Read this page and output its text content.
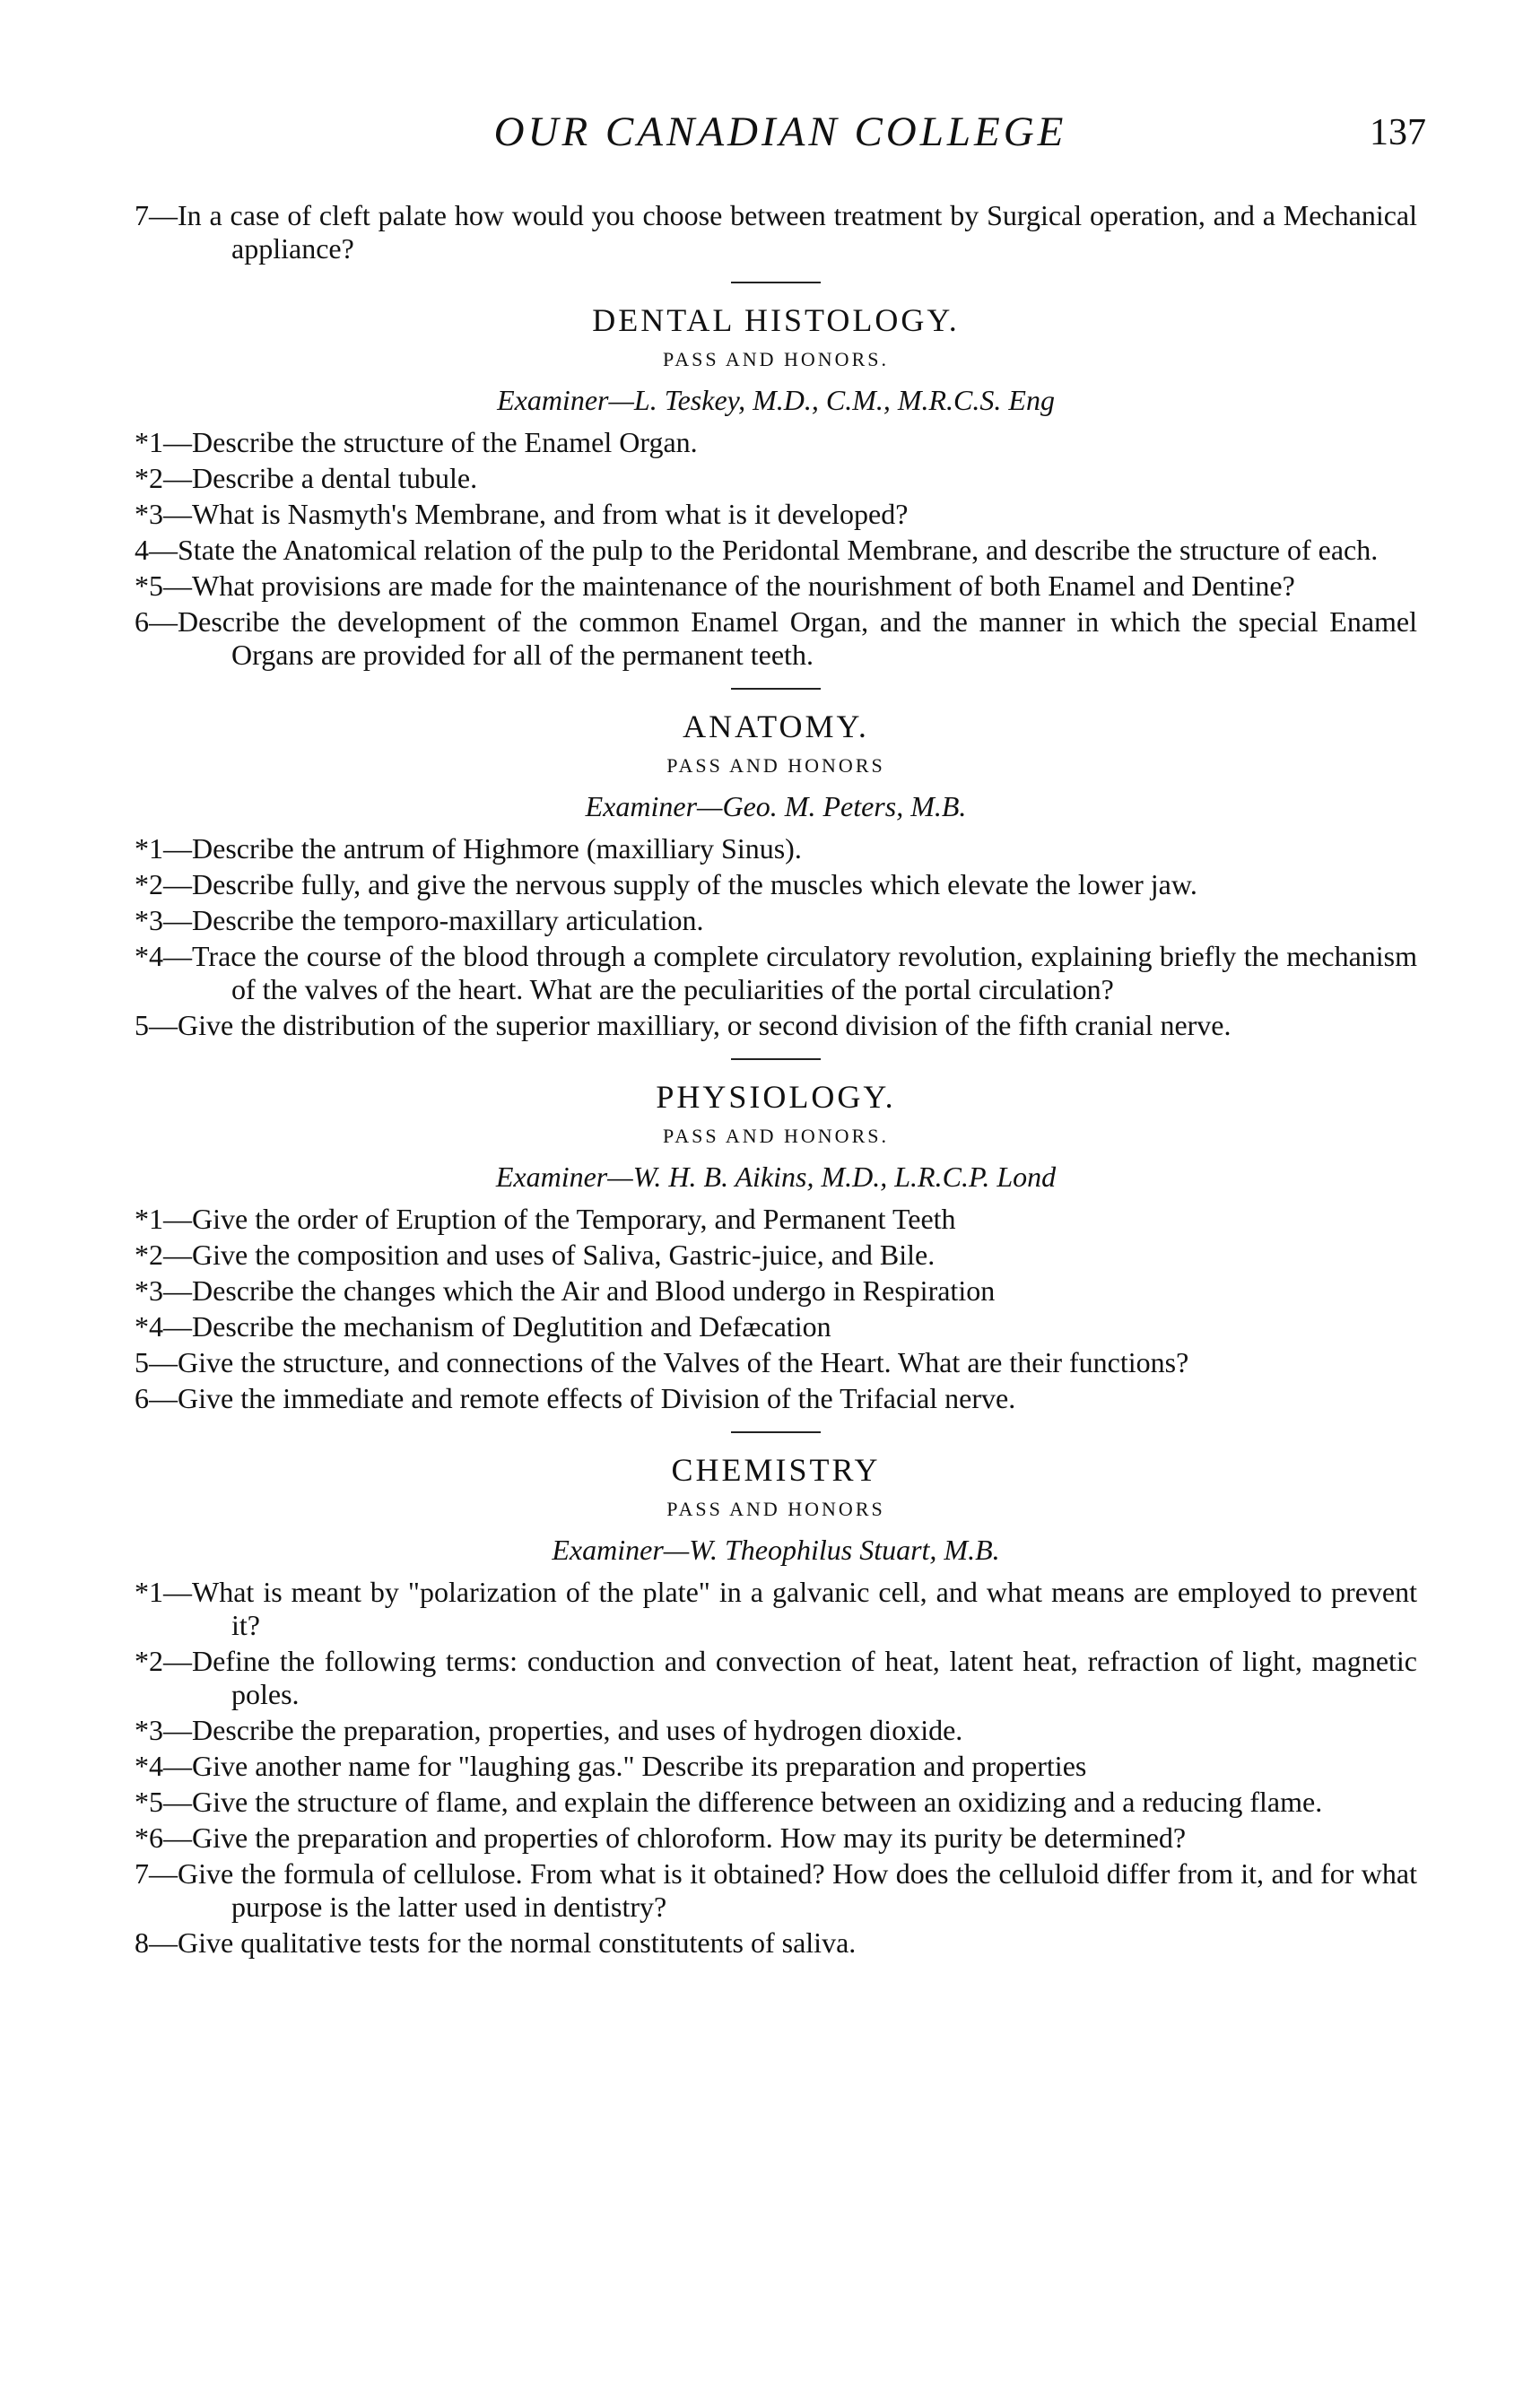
OUR CANADIAN COLLEGE	137

7—In a case of cleft palate how would you choose between treatment by Surgical operation, and a Mechanical appliance?

DENTAL HISTOLOGY.
PASS AND HONORS.
Examiner—L. Teskey, M.D., C.M., M.R.C.S. Eng

*1—Describe the structure of the Enamel Organ.

*2—Describe a dental tubule.

*3—What is Nasmyth's Membrane, and from what is it developed?

4—State the Anatomical relation of the pulp to the Peridontal Membrane, and describe the structure of each.

*5—What provisions are made for the maintenance of the nourishment of both Enamel and Dentine?

6—Describe the development of the common Enamel Organ, and the manner in which the special Enamel Organs are provided for all of the permanent teeth.

ANATOMY.
PASS AND HONORS
Examiner—Geo. M. Peters, M.B.

*1—Describe the antrum of Highmore (maxilliary Sinus).

*2—Describe fully, and give the nervous supply of the muscles which elevate the lower jaw.

*3—Describe the temporo-maxillary articulation.

*4—Trace the course of the blood through a complete circulatory revolution, explaining briefly the mechanism of the valves of the heart. What are the peculiarities of the portal circulation?

5—Give the distribution of the superior maxilliary, or second division of the fifth cranial nerve.

PHYSIOLOGY.
PASS AND HONORS.
Examiner—W. H. B. Aikins, M.D., L.R.C.P. Lond

*1—Give the order of Eruption of the Temporary, and Permanent Teeth

*2—Give the composition and uses of Saliva, Gastric-juice, and Bile.

*3—Describe the changes which the Air and Blood undergo in Respiration

*4—Describe the mechanism of Deglutition and Defæcation

5—Give the structure, and connections of the Valves of the Heart. What are their functions?

6—Give the immediate and remote effects of Division of the Trifacial nerve.

CHEMISTRY
PASS AND HONORS
Examiner—W. Theophilus Stuart, M.B.

*1—What is meant by "polarization of the plate" in a galvanic cell, and what means are employed to prevent it?

*2—Define the following terms: conduction and convection of heat, latent heat, refraction of light, magnetic poles.

*3—Describe the preparation, properties, and uses of hydrogen dioxide.

*4—Give another name for "laughing gas." Describe its preparation and properties

*5—Give the structure of flame, and explain the difference between an oxidizing and a reducing flame.

*6—Give the preparation and properties of chloroform. How may its purity be determined?

7—Give the formula of cellulose. From what is it obtained? How does the celluloid differ from it, and for what purpose is the latter used in dentistry?

8—Give qualitative tests for the normal constitutents of saliva.
